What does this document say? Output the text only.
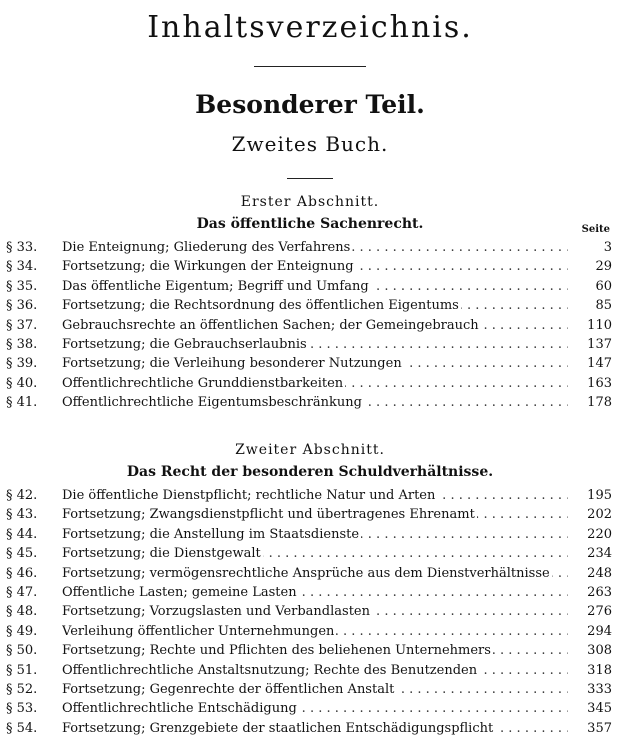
Inhaltsverzeichnis.
Besonderer Teil.
Zweites Buch.
Erster Abschnitt.
Das öffentliche Sachenrecht.	Seite
§ 33.	Die Enteignung; Gliederung des Verfahrens . . .	3
§ 34.	Fortsetzung; die Wirkungen der Enteignung . . .	29
§ 35.	Das öffentliche Eigentum; Begriff und Umfang . . .	60
§ 36.	Fortsetzung; die Rechtsordnung des öffentlichen Eigentums . . .	85
§ 37.	Gebrauchsrechte an öffentlichen Sachen; der Gemeingebrauch . . .	110
§ 38.	Fortsetzung; die Gebrauchserlaubnis . . .	137
§ 39.	Fortsetzung; die Verleihung besonderer Nutzungen . . .	147
§ 40.	Öffentlichrechtliche Grunddienstbarkeiten . . .	163
§ 41.	Öffentlichrechtliche Eigentumsbeschränkung . . .	178
Zweiter Abschnitt.
Das Recht der besonderen Schuldverhältnisse.
§ 42.	Die öffentliche Dienstpflicht; rechtliche Natur und Arten . . .	195
§ 43.	Fortsetzung; Zwangsdienstpflicht und übertragenes Ehrenamt . . .	202
§ 44.	Fortsetzung; die Anstellung im Staatsdienste . . .	220
§ 45.	Fortsetzung; die Dienstgewalt . . .	234
§ 46.	Fortsetzung; vermögensrechtliche Ansprüche aus dem Dienstverhältnisse . . .	248
§ 47.	Öffentliche Lasten; gemeine Lasten . . .	263
§ 48.	Fortsetzung; Vorzugslasten und Verbandlasten . . .	276
§ 49.	Verleihung öffentlicher Unternehmungen . . .	294
§ 50.	Fortsetzung; Rechte und Pflichten des beliehenen Unternehmers . . .	308
§ 51.	Öffentlichrechtliche Anstaltsnutzung; Rechte des Benutzenden . . .	318
§ 52.	Fortsetzung; Gegenrechte der öffentlichen Anstalt . . .	333
§ 53.	Öffentlichrechtliche Entschädigung . . .	345
§ 54.	Fortsetzung; Grenzgebiete der staatlichen Entschädigungspflicht . . .	357
